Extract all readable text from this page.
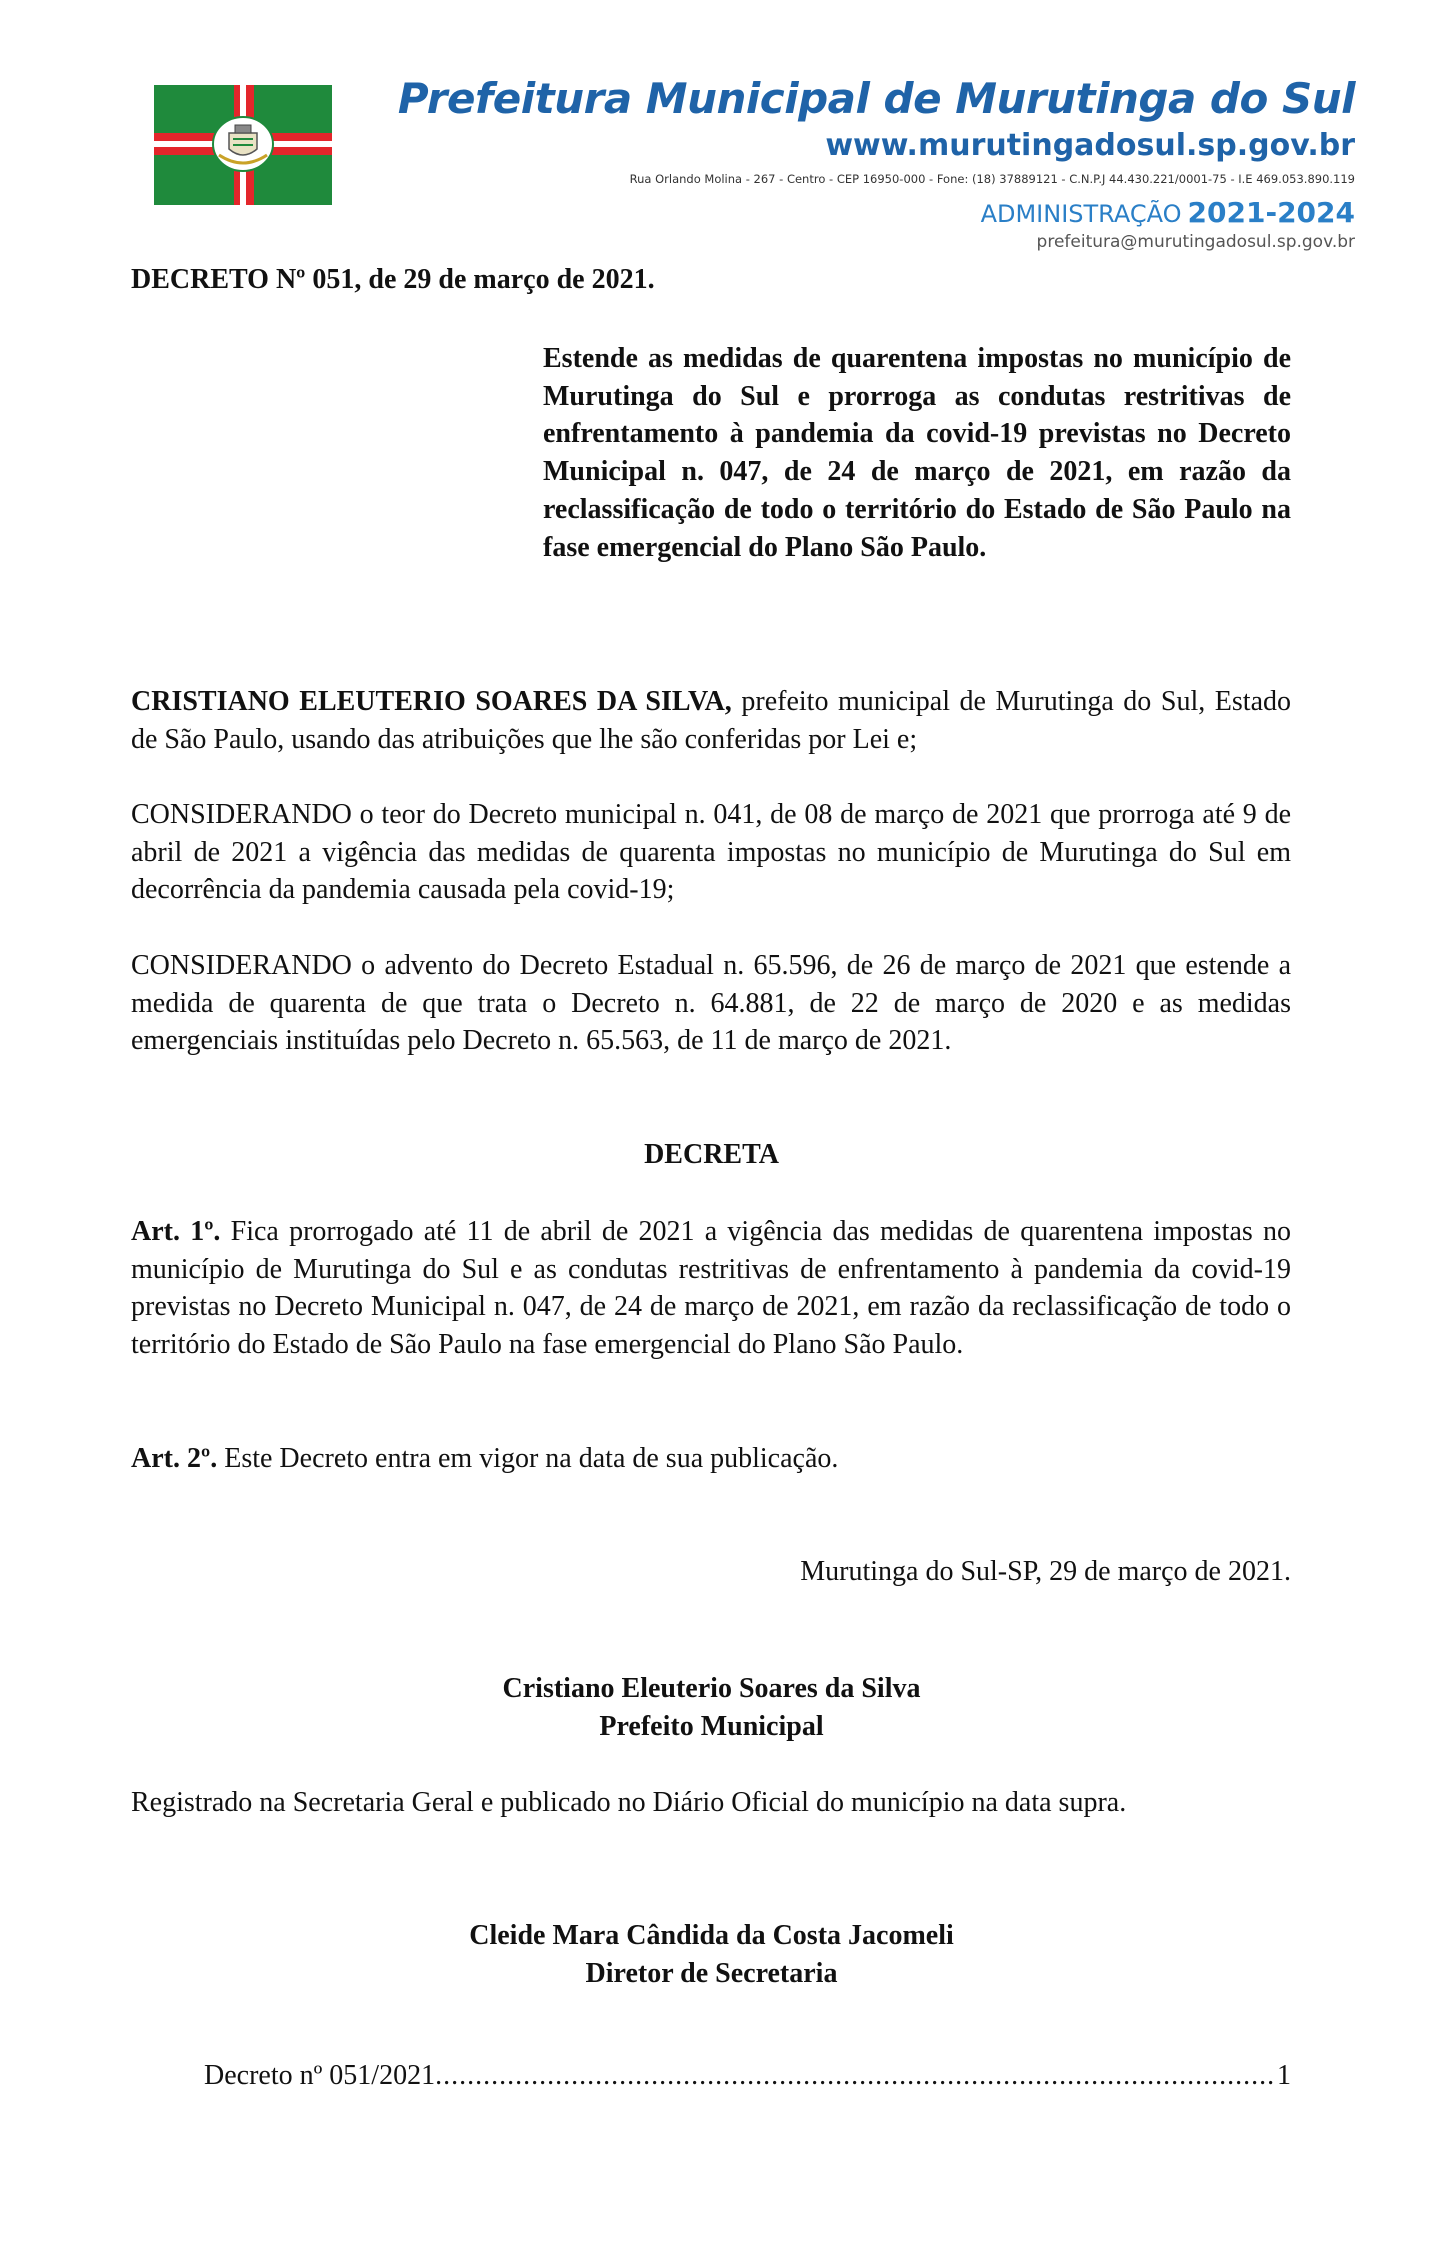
Prefeitura Municipal de Murutinga do Sul
www.murutingadosul.sp.gov.br
Rua Orlando Molina - 267 - Centro - CEP 16950-000 - Fone: (18) 37889121 - C.N.P.J 44.430.221/0001-75 - I.E 469.053.890.119
ADMINISTRAÇÃO 2021-2024
prefeitura@murutingadosul.sp.gov.br
DECRETO Nº 051, de 29 de março de 2021.
Estende as medidas de quarentena impostas no município de Murutinga do Sul e prorroga as condutas restritivas de enfrentamento à pandemia da covid-19 previstas no Decreto Municipal n. 047, de 24 de março de 2021, em razão da reclassificação de todo o território do Estado de São Paulo na fase emergencial do Plano São Paulo.
CRISTIANO ELEUTERIO SOARES DA SILVA, prefeito municipal de Murutinga do Sul, Estado de São Paulo, usando das atribuições que lhe são conferidas por Lei e;
CONSIDERANDO o teor do Decreto municipal n. 041, de 08 de março de 2021 que prorroga até 9 de abril de 2021 a vigência das medidas de quarenta impostas no município de Murutinga do Sul em decorrência da pandemia causada pela covid-19;
CONSIDERANDO o advento do Decreto Estadual n. 65.596, de 26 de março de 2021 que estende a medida de quarenta de que trata o Decreto n. 64.881, de 22 de março de 2020 e as medidas emergenciais instituídas pelo Decreto n. 65.563, de 11 de março de 2021.
DECRETA
Art. 1º. Fica prorrogado até 11 de abril de 2021 a vigência das medidas de quarentena impostas no município de Murutinga do Sul e as condutas restritivas de enfrentamento à pandemia da covid-19 previstas no Decreto Municipal n. 047, de 24 de março de 2021, em razão da reclassificação de todo o território do Estado de São Paulo na fase emergencial do Plano São Paulo.
Art. 2º. Este Decreto entra em vigor na data de sua publicação.
Murutinga do Sul-SP, 29 de março de 2021.
Cristiano Eleuterio Soares da Silva
Prefeito Municipal
Registrado na Secretaria Geral e publicado no Diário Oficial do município na data supra.
Cleide Mara Cândida da Costa Jacomeli
Diretor de Secretaria
Decreto nº 051/2021
.....	1
